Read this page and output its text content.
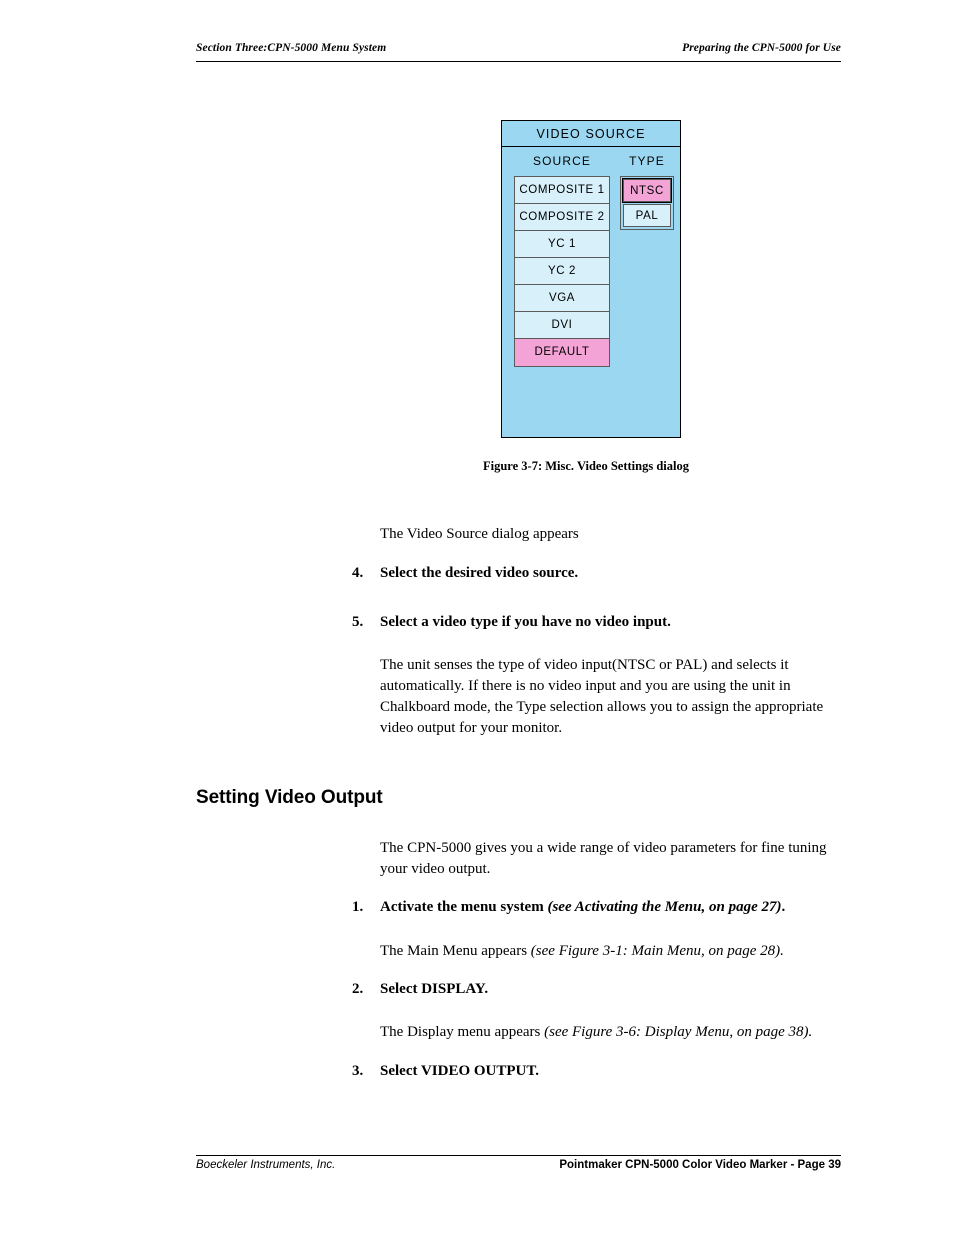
Section Three:CPN-5000 Menu System	Preparing the CPN-5000 for Use
VIDEO SOURCE
SOURCE	TYPE
COMPOSITE 1
COMPOSITE 2
YC 1
YC 2
VGA
DVI
DEFAULT
NTSC
PAL
Figure 3-7: Misc. Video Settings dialog
The Video Source dialog appears
4.	Select the desired video source.
5.	Select a video type if you have no video input.
The unit senses the type of video input(NTSC or PAL) and selects it automatically. If there is no video input and you are using the unit in Chalkboard mode, the Type selection allows you to assign the appropriate video output for your monitor.
Setting Video Output
The CPN-5000 gives you a wide range of video parameters for fine tuning your video output.
1.	Activate the menu system (see Activating the Menu, on page 27).
The Main Menu appears (see Figure 3-1: Main Menu, on page 28).
2.	Select DISPLAY.
The Display menu appears (see Figure 3-6: Display Menu, on page 38).
3.	Select VIDEO OUTPUT.
Boeckeler Instruments, Inc.	Pointmaker CPN-5000 Color Video Marker - Page 39
